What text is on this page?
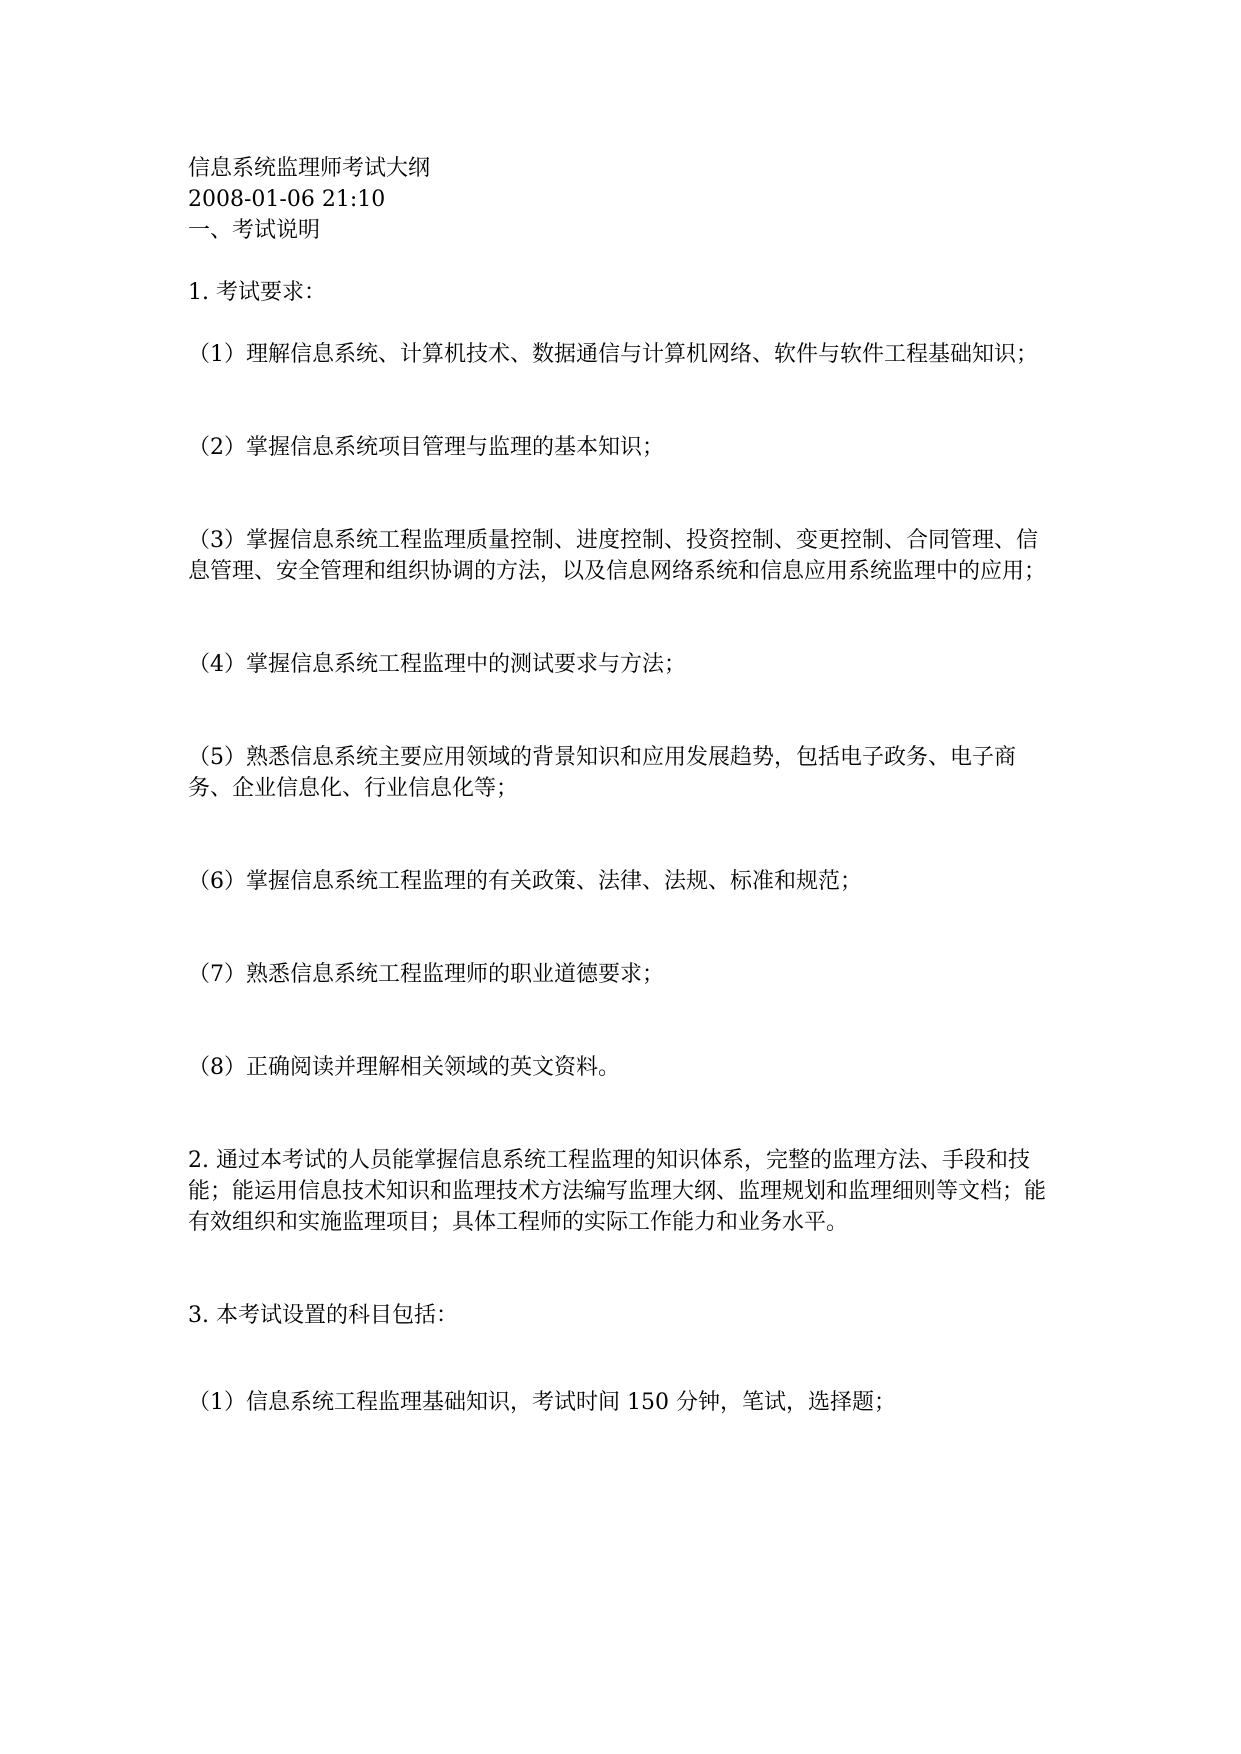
信息系统监理师考试大纲

2008-01-06 21:10

一、考试说明

1. 考试要求：

（1）理解信息系统、计算机技术、数据通信与计算机网络、软件与软件工程基础知识；

（2）掌握信息系统项目管理与监理的基本知识；

（3）掌握信息系统工程监理质量控制、进度控制、投资控制、变更控制、合同管理、信息管理、安全管理和组织协调的方法，以及信息网络系统和信息应用系统监理中的应用；

（4）掌握信息系统工程监理中的测试要求与方法；

（5）熟悉信息系统主要应用领域的背景知识和应用发展趋势，包括电子政务、电子商务、企业信息化、行业信息化等；

（6）掌握信息系统工程监理的有关政策、法律、法规、标准和规范；

（7）熟悉信息系统工程监理师的职业道德要求；

（8）正确阅读并理解相关领域的英文资料。

2. 通过本考试的人员能掌握信息系统工程监理的知识体系，完整的监理方法、手段和技能；能运用信息技术知识和监理技术方法编写监理大纲、监理规划和监理细则等文档；能有效组织和实施监理项目；具体工程师的实际工作能力和业务水平。

3. 本考试设置的科目包括：

（1）信息系统工程监理基础知识，考试时间 150 分钟，笔试，选择题；
